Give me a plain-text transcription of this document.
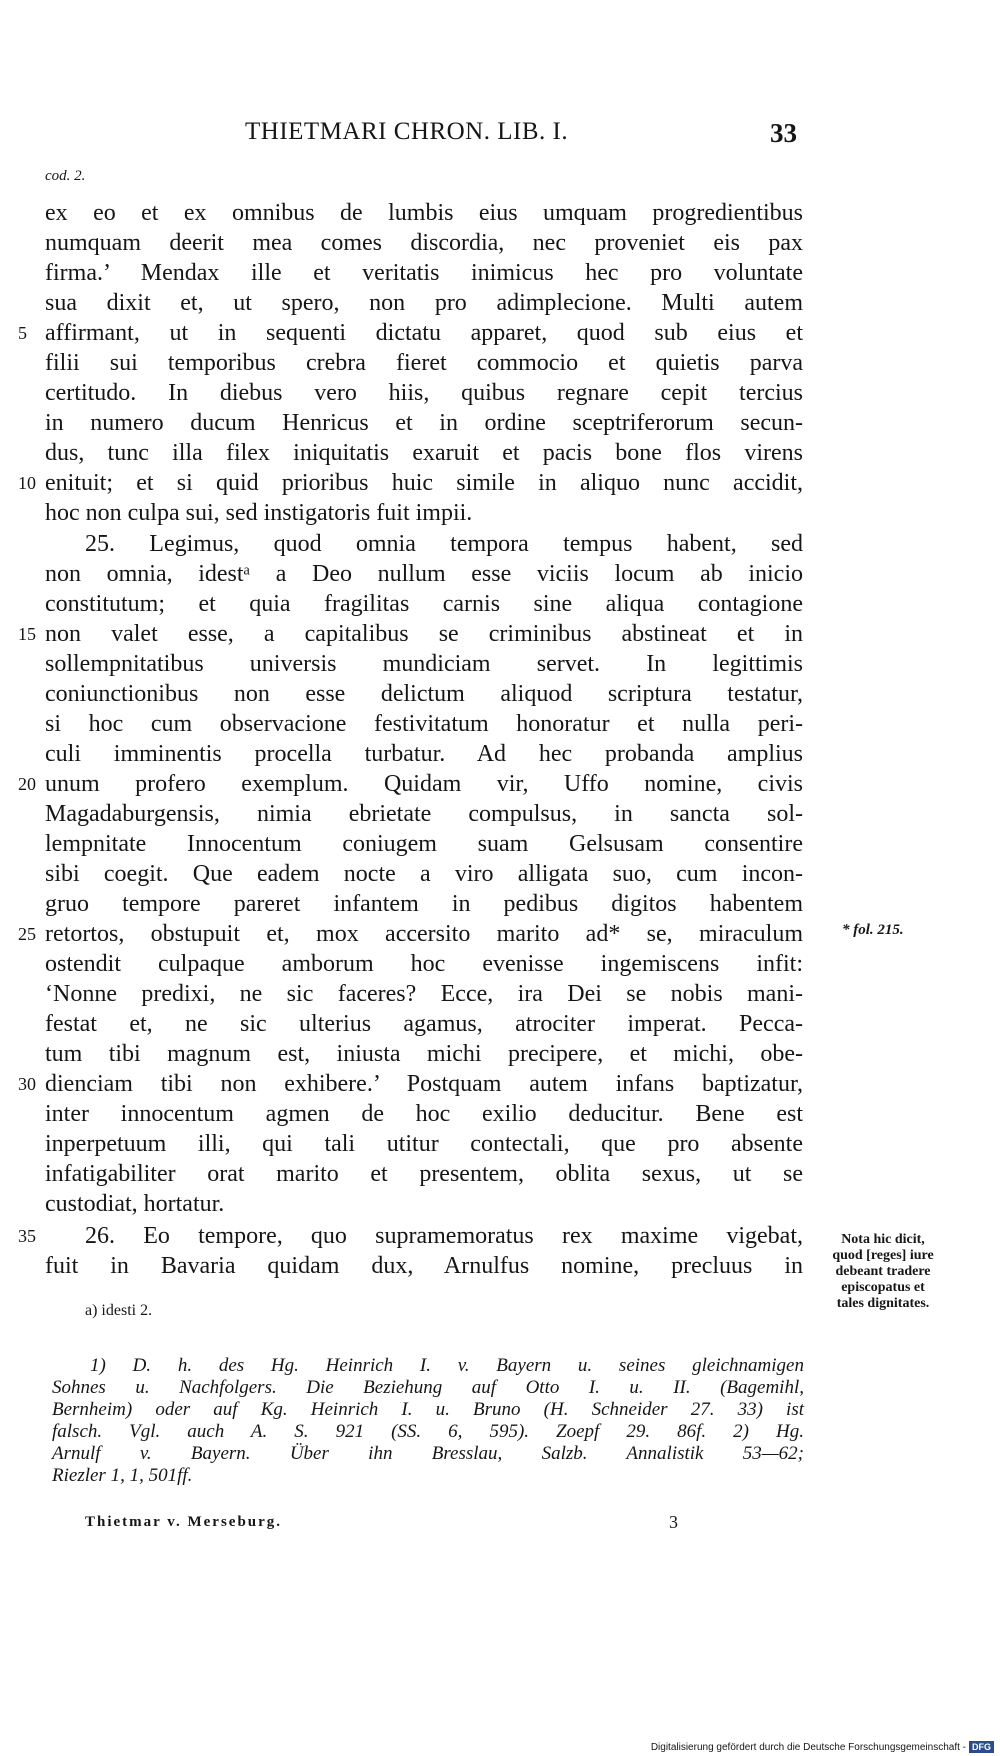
THIETMARI CHRON. LIB. I.	33
cod. 2.
ex eo et ex omnibus de lumbis eius umquam progredientibus
numquam deerit mea comes discordia, nec proveniet eis pax
firma.’ Mendax ille et veritatis inimicus hec pro voluntate
sua dixit et, ut spero, non pro adimplecione. Multi autem
affirmant, ut in sequenti dictatu apparet, quod sub eius et
filii sui temporibus crebra fieret commocio et quietis parva
certitudo. In diebus vero hiis, quibus regnare cepit tercius
in numero ducum Henricus et in ordine sceptriferorum secun-
dus, tunc illa filex iniquitatis exaruit et pacis bone flos virens
enituit; et si quid prioribus huic simile in aliquo nunc accidit,
hoc non culpa sui, sed instigatoris fuit impii.
25. Legimus, quod omnia tempora tempus habent, sed
non omnia, idestᵃ a Deo nullum esse viciis locum ab inicio
constitutum; et quia fragilitas carnis sine aliqua contagione
non valet esse, a capitalibus se criminibus abstineat et in
sollempnitatibus universis mundiciam servet. In legittimis
coniunctionibus non esse delictum aliquod scriptura testatur,
si hoc cum observacione festivitatum honoratur et nulla peri-
culi imminentis procella turbatur. Ad hec probanda amplius
unum profero exemplum. Quidam vir, Uffo nomine, civis
Magadaburgensis, nimia ebrietate compulsus, in sancta sol-
lempnitate Innocentum coniugem suam Gelsusam consentire
sibi coegit. Que eadem nocte a viro alligata suo, cum incon-
gruo tempore pareret infantem in pedibus digitos habentem
retortos, obstupuit et, mox accersito marito ad* se, miraculum
ostendit culpaque amborum hoc evenisse ingemiscens infit:
‘Nonne predixi, ne sic faceres? Ecce, ira Dei se nobis mani-
festat et, ne sic ulterius agamus, atrociter imperat. Pecca-
tum tibi magnum est, iniusta michi precipere, et michi, obe-
dienciam tibi non exhibere.’ Postquam autem infans baptizatur,
inter innocentum agmen de hoc exilio deducitur. Bene est
inperpetuum illi, qui tali utitur contectali, que pro absente
infatigabiliter orat marito et presentem, oblita sexus, ut se
custodiat, hortatur.
26. Eo tempore, quo supramemoratus rex maxime vigebat,
fuit in Bavaria quidam dux, Arnulfus nomine, precluus in
5
10
15
20
25
30
35
* fol. 215.
Nota hic dicit,
quod [reges] iure
debeant tradere
episcopatus et
tales dignitates.
a) idesti 2.
1) D. h. des Hg. Heinrich I. v. Bayern u. seines gleichnamigen
Sohnes u. Nachfolgers. Die Beziehung auf Otto I. u. II. (Bagemihl,
Bernheim) oder auf Kg. Heinrich I. u. Bruno (H. Schneider 27. 33) ist
falsch. Vgl. auch A. S. 921 (SS. 6, 595). Zoepf 29. 86f. 2) Hg.
Arnulf v. Bayern. Über ihn Bresslau, Salzb. Annalistik 53—62;
Riezler 1, 1, 501ff.
Thietmar v. Merseburg.	3
Digitalisierung gefördert durch die Deutsche Forschungsgemeinschaft - DFG
